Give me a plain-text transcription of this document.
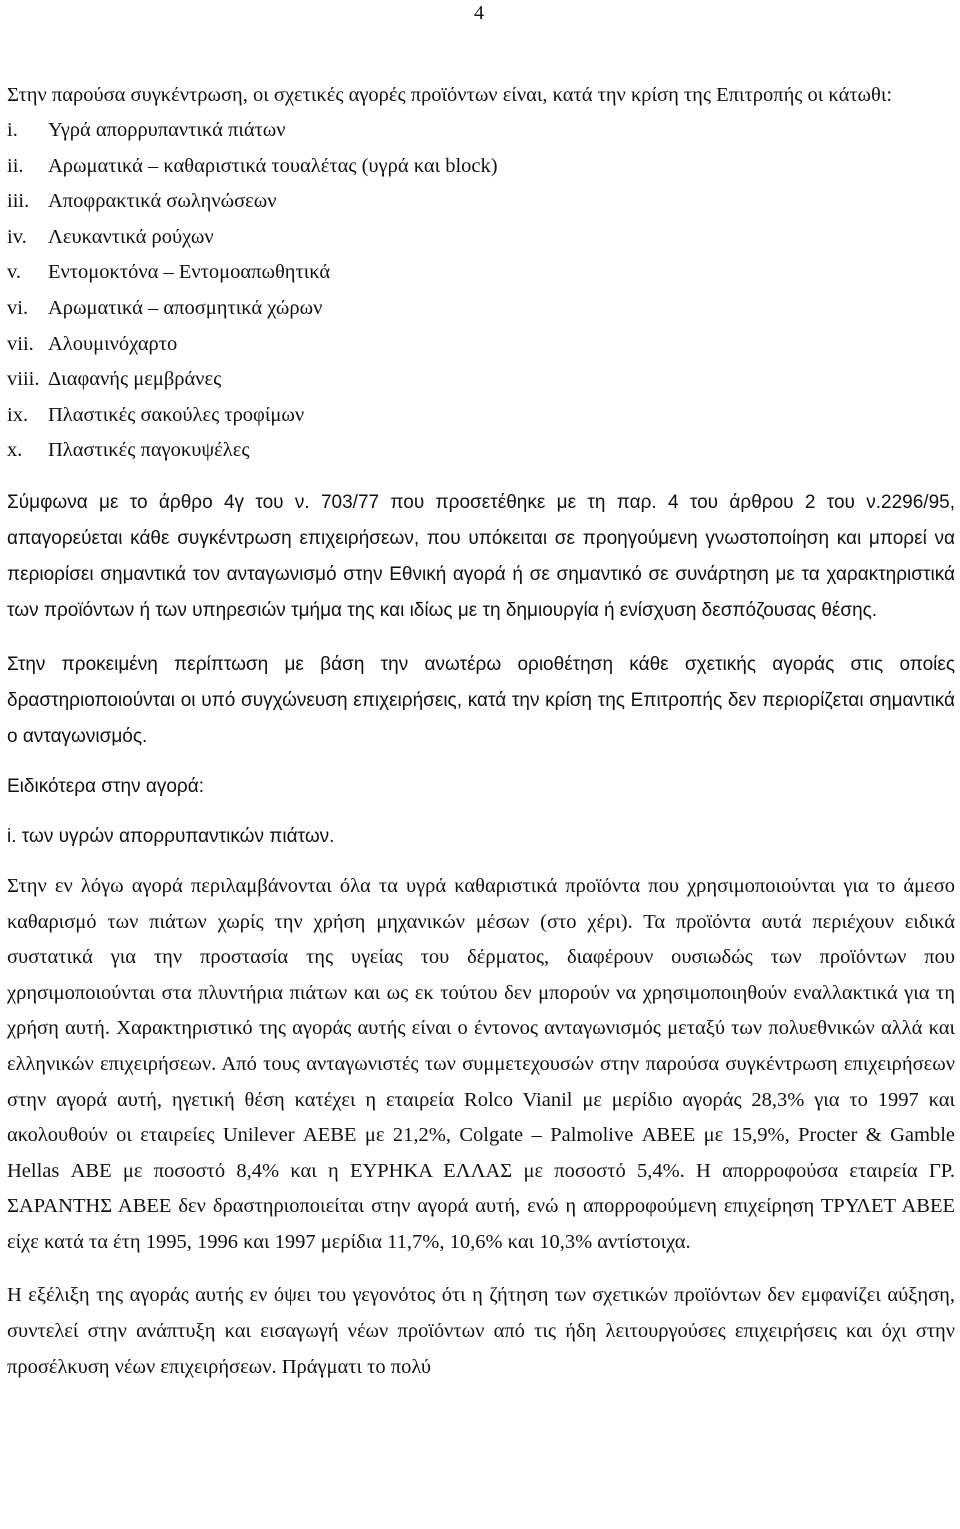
4

Στην παρούσα συγκέντρωση, οι σχετικές αγορές προϊόντων είναι, κατά την κρίση της Επιτροπής οι κάτωθι:

i.	Υγρά απορρυπαντικά πιάτων
ii.	Αρωματικά – καθαριστικά τουαλέτας (υγρά και block)
iii. Αποφρακτικά σωληνώσεων
iv.	Λευκαντικά ρούχων
v.	Εντομοκτόνα – Εντομοαπωθητικά
vi. Αρωματικά – αποσμητικά χώρων
vii. Αλουμινόχαρτο
viii. Διαφανής μεμβράνες
ix. Πλαστικές σακούλες τροφίμων
x.	Πλαστικές παγοκυψέλες

Σύμφωνα με το άρθρο 4γ του ν. 703/77 που προσετέθηκε με τη παρ. 4 του άρθρου 2 του ν.2296/95, απαγορεύεται κάθε συγκέντρωση επιχειρήσεων, που υπόκειται σε προηγούμενη γνωστοποίηση και μπορεί να περιορίσει σημαντικά τον ανταγωνισμό στην Εθνική αγορά ή σε σημαντικό σε συνάρτηση με τα χαρακτηριστικά των προϊόντων ή των υπηρεσιών τμήμα της και ιδίως με τη δημιουργία ή ενίσχυση δεσπόζουσας θέσης.

Στην προκειμένη περίπτωση με βάση την ανωτέρω οριοθέτηση κάθε σχετικής αγοράς στις οποίες δραστηριοποιούνται οι υπό συγχώνευση επιχειρήσεις, κατά την κρίση της Επιτροπής δεν περιορίζεται σημαντικά ο ανταγωνισμός.

Ειδικότερα στην αγορά:

i. των υγρών απορρυπαντικών πιάτων.

Στην εν λόγω αγορά περιλαμβάνονται όλα τα υγρά καθαριστικά προϊόντα που χρησιμοποιούνται για το άμεσο καθαρισμό των πιάτων χωρίς την χρήση μηχανικών μέσων (στο χέρι). Τα προϊόντα αυτά περιέχουν ειδικά συστατικά για την προστασία της υγείας του δέρματος, διαφέρουν ουσιωδώς των προϊόντων που χρησιμοποιούνται στα πλυντήρια πιάτων και ως εκ τούτου δεν μπορούν να χρησιμοποιηθούν εναλλακτικά για τη χρήση αυτή. Χαρακτηριστικό της αγοράς αυτής είναι ο έντονος ανταγωνισμός μεταξύ των πολυεθνικών αλλά και ελληνικών επιχειρήσεων. Από τους ανταγωνιστές των συμμετεχουσών στην παρούσα συγκέντρωση επιχειρήσεων στην αγορά αυτή, ηγετική θέση κατέχει η εταιρεία Rolco Vianil με μερίδιο αγοράς 28,3% για το 1997 και ακολουθούν οι εταιρείες Unilever ΑΕΒΕ με 21,2%, Colgate – Palmolive ΑΒΕΕ με 15,9%, Procter & Gamble Hellas ΑΒΕ με ποσοστό 8,4% και η ΕΥΡΗΚΑ ΕΛΛΑΣ με ποσοστό 5,4%. Η απορροφούσα εταιρεία ΓΡ. ΣΑΡΑΝΤΗΣ ΑΒΕΕ δεν δραστηριοποιείται στην αγορά αυτή, ενώ η απορροφούμενη επιχείρηση ΤΡΥΛΕΤ ΑΒΕΕ είχε κατά τα έτη 1995, 1996 και 1997 μερίδια 11,7%, 10,6% και 10,3% αντίστοιχα.

Η εξέλιξη της αγοράς αυτής εν όψει του γεγονότος ότι η ζήτηση των σχετικών προϊόντων δεν εμφανίζει αύξηση, συντελεί στην ανάπτυξη και εισαγωγή νέων προϊόντων από τις ήδη λειτουργούσες επιχειρήσεις και όχι στην προσέλκυση νέων επιχειρήσεων. Πράγματι το πολύ
